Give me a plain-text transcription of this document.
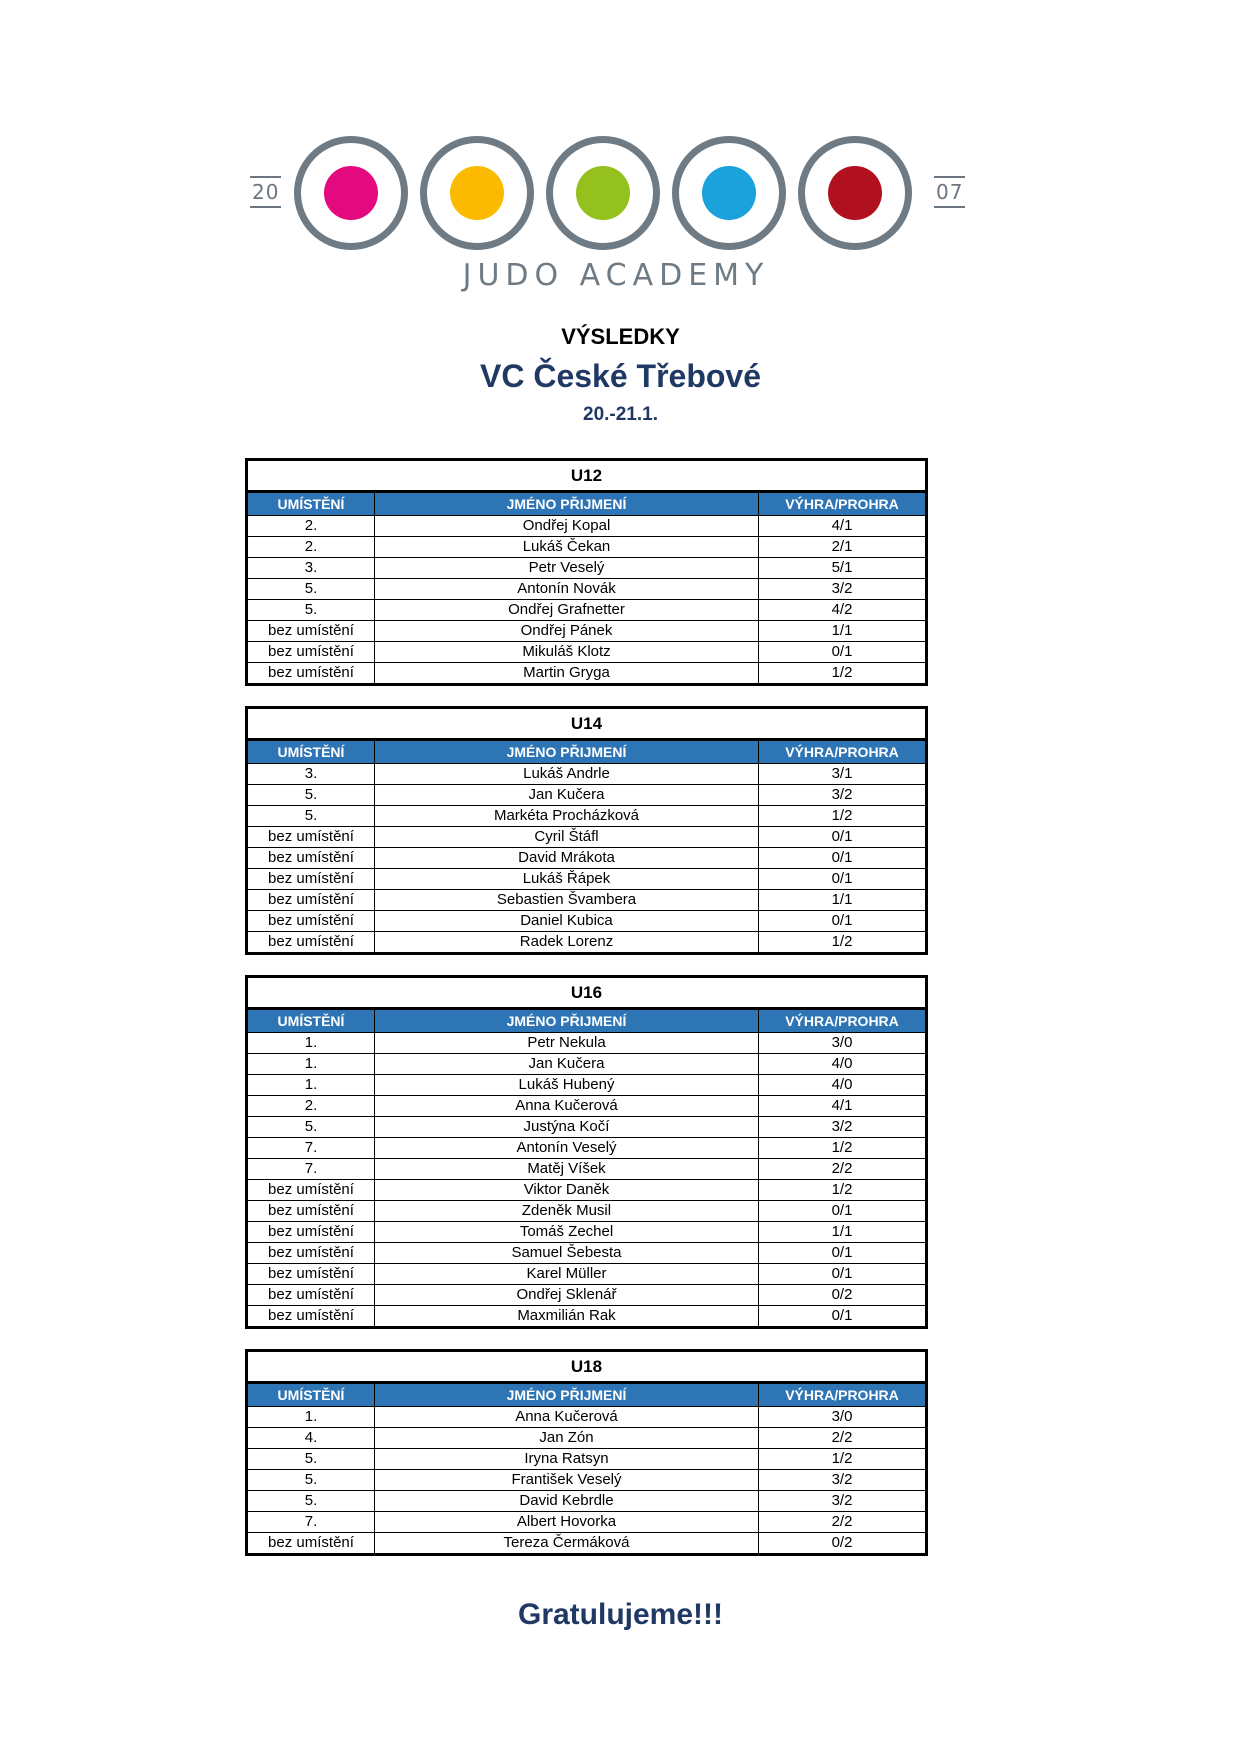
20	07
JUDO ACADEMY
VÝSLEDKY
VC České Třebové
20.-21.1.
U12		
UMÍSTĚNÍ	JMÉNO PŘIJMENÍ	VÝHRA/PROHRA
2.	Ondřej Kopal	4/1
2.	Lukáš Čekan	2/1
3.	Petr Veselý	5/1
5.	Antonín Novák	3/2
5.	Ondřej Grafnetter	4/2
bez umístění	Ondřej Pánek	1/1
bez umístění	Mikuláš Klotz	0/1
bez umístění	Martin Gryga	1/2
U14		
UMÍSTĚNÍ	JMÉNO PŘIJMENÍ	VÝHRA/PROHRA
3.	Lukáš Andrle	3/1
5.	Jan Kučera	3/2
5.	Markéta Procházková	1/2
bez umístění	Cyril Štáfl	0/1
bez umístění	David Mrákota	0/1
bez umístění	Lukáš Řápek	0/1
bez umístění	Sebastien Švambera	1/1
bez umístění	Daniel Kubica	0/1
bez umístění	Radek Lorenz	1/2
U16		
UMÍSTĚNÍ	JMÉNO PŘIJMENÍ	VÝHRA/PROHRA
1.	Petr Nekula	3/0
1.	Jan Kučera	4/0
1.	Lukáš Hubený	4/0
2.	Anna Kučerová	4/1
5.	Justýna Kočí	3/2
7.	Antonín Veselý	1/2
7.	Matěj Víšek	2/2
bez umístění	Viktor Daněk	1/2
bez umístění	Zdeněk Musil	0/1
bez umístění	Tomáš Zechel	1/1
bez umístění	Samuel Šebesta	0/1
bez umístění	Karel Müller	0/1
bez umístění	Ondřej Sklenář	0/2
bez umístění	Maxmilián Rak	0/1
U18		
UMÍSTĚNÍ	JMÉNO PŘIJMENÍ	VÝHRA/PROHRA
1.	Anna Kučerová	3/0
4.	Jan Zón	2/2
5.	Iryna Ratsyn	1/2
5.	František Veselý	3/2
5.	David Kebrdle	3/2
7.	Albert Hovorka	2/2
bez umístění	Tereza Čermáková	0/2
Gratulujeme!!!
